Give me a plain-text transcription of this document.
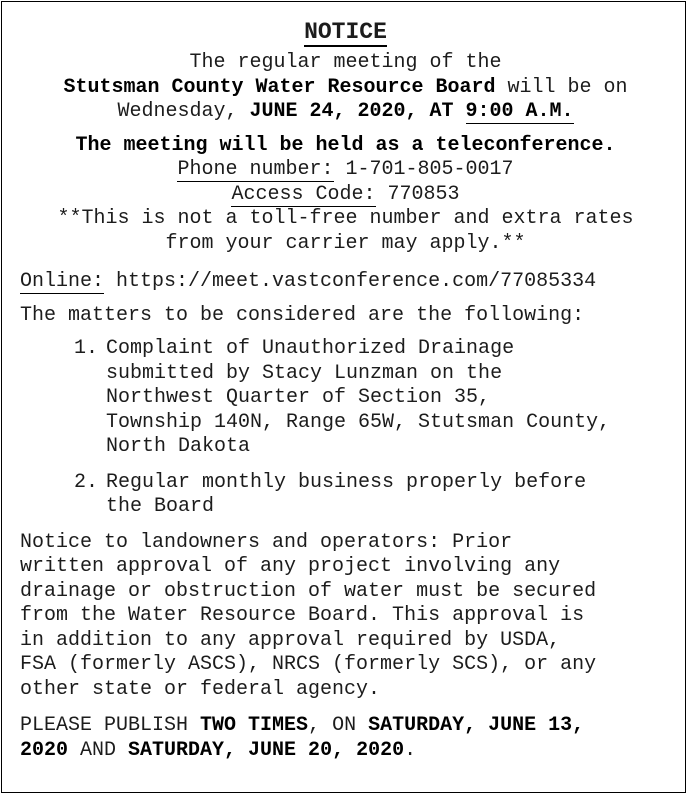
NOTICE
The regular meeting of the
Stutsman County Water Resource Board will be on
Wednesday, JUNE 24, 2020, AT 9:00 A.M.
The meeting will be held as a teleconference.
Phone number: 1-701-805-0017
Access Code: 770853
**This is not a toll-free number and extra rates
from your carrier may apply.**
Online: https://meet.vastconference.com/77085334
The matters to be considered are the following:
1. Complaint of Unauthorized Drainage
submitted by Stacy Lunzman on the
Northwest Quarter of Section 35,
Township 140N, Range 65W, Stutsman County,
North Dakota
2. Regular monthly business properly before
the Board
Notice to landowners and operators: Prior
written approval of any project involving any
drainage or obstruction of water must be secured
from the Water Resource Board. This approval is
in addition to any approval required by USDA,
FSA (formerly ASCS), NRCS (formerly SCS), or any
other state or federal agency.
PLEASE PUBLISH TWO TIMES, ON SATURDAY, JUNE 13,
2020 AND SATURDAY, JUNE 20, 2020.
